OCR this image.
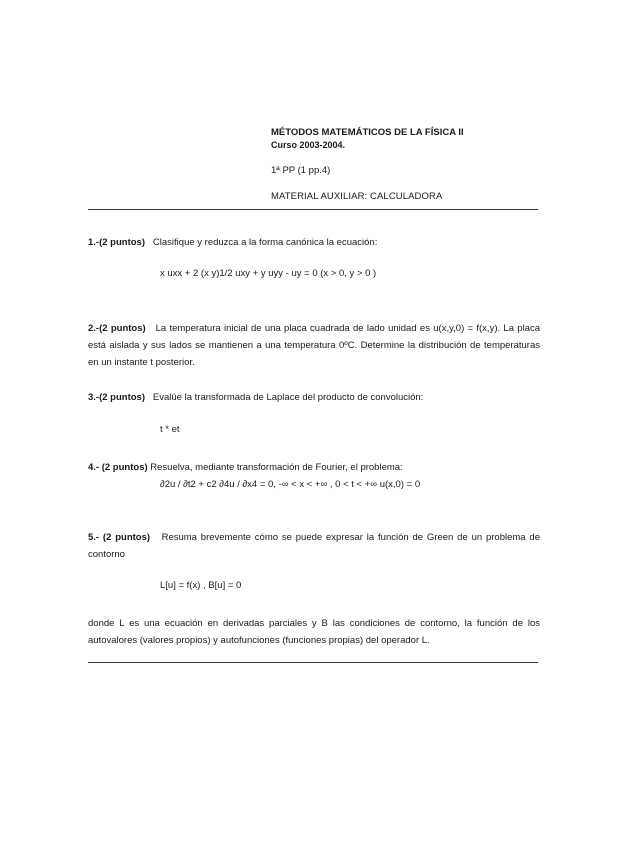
MÉTODOS MATEMÁTICOS DE LA FÍSICA II

Curso 2003-2004.

1ª PP (1 pp.4)

MATERIAL AUXILIAR: CALCULADORA

1.-(2 puntos) Clasifique y reduzca a la forma canónica la ecuación:

x uxx + 2 (x y)1/2 uxy + y uyy - uy = 0 (x > 0, y > 0 )

2.-(2 puntos) La temperatura inicial de una placa cuadrada de lado unidad es u(x,y,0) = f(x,y). La placa está aislada y sus lados se mantienen a una temperatura 0ºC. Determine la distribución de temperaturas en un instante t posterior.

3.-(2 puntos) Evalúe la transformada de Laplace del producto de convolución:

t * et

4.- (2 puntos) Resuelva, mediante transformación de Fourier, el problema:

∂2u / ∂t2 + c2 ∂4u / ∂x4 = 0, -∞ < x < +∞ , 0 < t < +∞ u(x,0) = 0

5.- (2 puntos) Resuma brevemente cómo se puede expresar la función de Green de un problema de contorno

L[u] = f(x) , B[u] = 0

donde L es una ecuación en derivadas parciales y B las condiciones de contorno, la función de los autovalores (valores propios) y autofunciones (funciones propias) del operador L.
